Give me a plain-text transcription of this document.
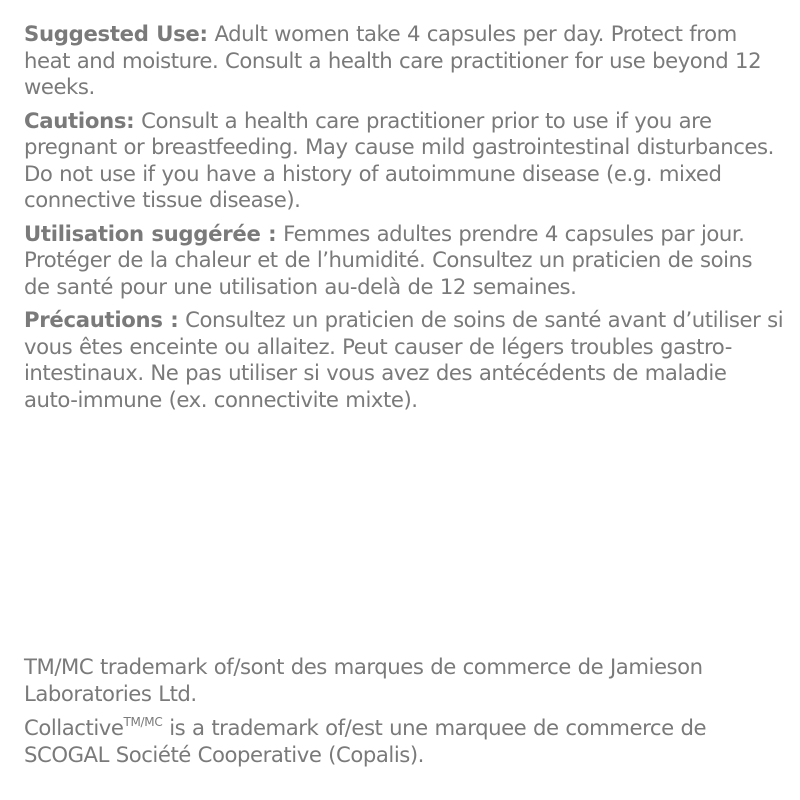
Suggested Use: Adult women take 4 capsules per day. Protect from heat and moisture. Consult a health care practitioner for use beyond 12 weeks.

Cautions: Consult a health care practitioner prior to use if you are pregnant or breastfeeding. May cause mild gastrointestinal disturbances. Do not use if you have a history of autoimmune disease (e.g. mixed connective tissue disease).

Utilisation suggérée : Femmes adultes prendre 4 capsules par jour. Protéger de la chaleur et de l’humidité. Consultez un praticien de soins de santé pour une utilisation au-delà de 12 semaines.

Précautions : Consultez un praticien de soins de santé avant d’utiliser si vous êtes enceinte ou allaitez. Peut causer de légers troubles gastro-intestinaux. Ne pas utiliser si vous avez des antécédents de maladie auto-immune (ex. connectivite mixte).

TM/MC trademark of/sont des marques de commerce de Jamieson Laboratories Ltd.

Collactive$^{TM/MC}$ is a trademark of/est une marquee de commerce de SCOGAL Société Cooperative (Copalis).
